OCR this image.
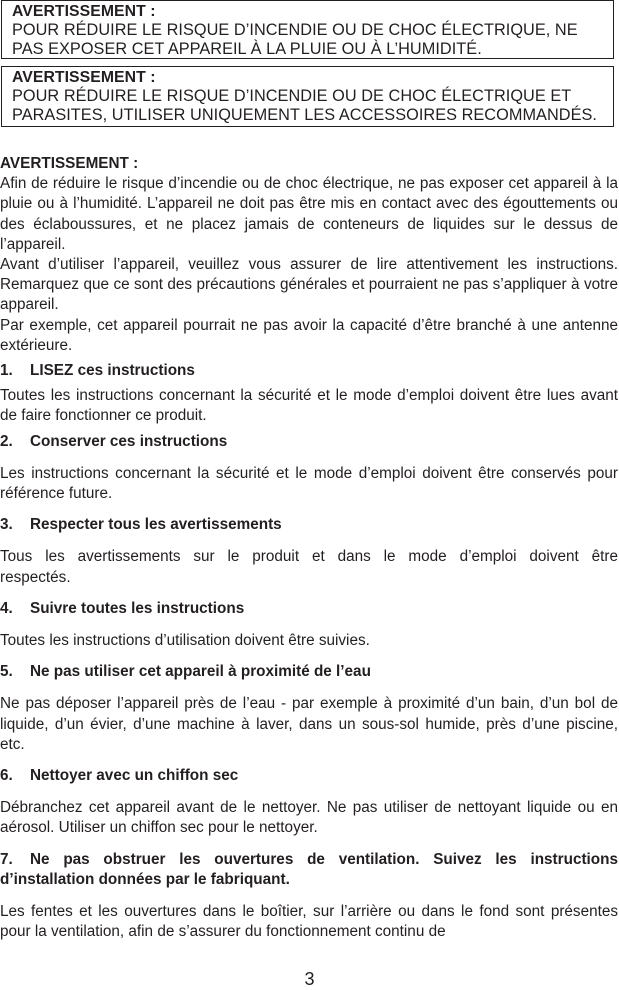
AVERTISSEMENT :
POUR RÉDUIRE LE RISQUE D’INCENDIE OU DE CHOC ÉLECTRIQUE, NE
PAS EXPOSER CET APPAREIL À LA PLUIE OU À L’HUMIDITÉ.
AVERTISSEMENT :
POUR RÉDUIRE LE RISQUE D’INCENDIE OU DE CHOC ÉLECTRIQUE ET
PARASITES, UTILISER UNIQUEMENT LES ACCESSOIRES RECOMMANDÉS.

AVERTISSEMENT :

Afin de réduire le risque d’incendie ou de choc électrique, ne pas exposer cet appareil à la pluie ou à l’humidité. L’appareil ne doit pas être mis en contact avec des égouttements ou des éclaboussures, et ne placez jamais de conteneurs de liquides sur le dessus de l’appareil.

Avant d’utiliser l’appareil, veuillez vous assurer de lire attentivement les instructions. Remarquez que ce sont des précautions générales et pourraient ne pas s’appliquer à votre appareil.

Par exemple, cet appareil pourrait ne pas avoir la capacité d’être branché à une antenne extérieure.

1. LISEZ ces instructions

Toutes les instructions concernant la sécurité et le mode d’emploi doivent être lues avant de faire fonctionner ce produit.

2. Conserver ces instructions

Les instructions concernant la sécurité et le mode d’emploi doivent être conservés pour référence future.

3. Respecter tous les avertissements

Tous les avertissements sur le produit et dans le mode d’emploi doivent être respectés.

4. Suivre toutes les instructions

Toutes les instructions d’utilisation doivent être suivies.

5. Ne pas utiliser cet appareil à proximité de l’eau

Ne pas déposer l’appareil près de l’eau - par exemple à proximité d’un bain, d’un bol de liquide, d’un évier, d’une machine à laver, dans un sous-sol humide, près d’une piscine, etc.

6. Nettoyer avec un chiffon sec

Débranchez cet appareil avant de le nettoyer. Ne pas utiliser de nettoyant liquide ou en aérosol. Utiliser un chiffon sec pour le nettoyer.

7. Ne pas obstruer les ouvertures de ventilation. Suivez les instructions d’installation données par le fabriquant.

Les fentes et les ouvertures dans le boîtier, sur l’arrière ou dans le fond sont présentes pour la ventilation, afin de s’assurer du fonctionnement continu de

3
